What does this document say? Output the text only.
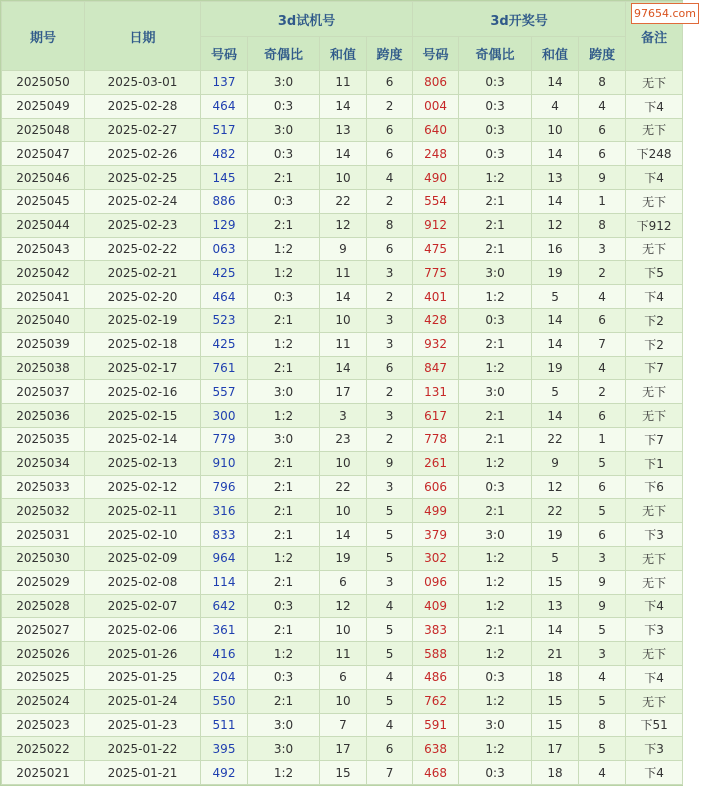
期号	日期	3d试机号				3d开奖号				备注
		号码	奇偶比	和值	跨度	号码	奇偶比	和值	跨度	
2025050	2025-03-01	137	3:0	11	6	806	0:3	14	8	无下
2025049	2025-02-28	464	0:3	14	2	004	0:3	4	4	下4
2025048	2025-02-27	517	3:0	13	6	640	0:3	10	6	无下
2025047	2025-02-26	482	0:3	14	6	248	0:3	14	6	下248
2025046	2025-02-25	145	2:1	10	4	490	1:2	13	9	下4
2025045	2025-02-24	886	0:3	22	2	554	2:1	14	1	无下
2025044	2025-02-23	129	2:1	12	8	912	2:1	12	8	下912
2025043	2025-02-22	063	1:2	9	6	475	2:1	16	3	无下
2025042	2025-02-21	425	1:2	11	3	775	3:0	19	2	下5
2025041	2025-02-20	464	0:3	14	2	401	1:2	5	4	下4
2025040	2025-02-19	523	2:1	10	3	428	0:3	14	6	下2
2025039	2025-02-18	425	1:2	11	3	932	2:1	14	7	下2
2025038	2025-02-17	761	2:1	14	6	847	1:2	19	4	下7
2025037	2025-02-16	557	3:0	17	2	131	3:0	5	2	无下
2025036	2025-02-15	300	1:2	3	3	617	2:1	14	6	无下
2025035	2025-02-14	779	3:0	23	2	778	2:1	22	1	下7
2025034	2025-02-13	910	2:1	10	9	261	1:2	9	5	下1
2025033	2025-02-12	796	2:1	22	3	606	0:3	12	6	下6
2025032	2025-02-11	316	2:1	10	5	499	2:1	22	5	无下
2025031	2025-02-10	833	2:1	14	5	379	3:0	19	6	下3
2025030	2025-02-09	964	1:2	19	5	302	1:2	5	3	无下
2025029	2025-02-08	114	2:1	6	3	096	1:2	15	9	无下
2025028	2025-02-07	642	0:3	12	4	409	1:2	13	9	下4
2025027	2025-02-06	361	2:1	10	5	383	2:1	14	5	下3
2025026	2025-01-26	416	1:2	11	5	588	1:2	21	3	无下
2025025	2025-01-25	204	0:3	6	4	486	0:3	18	4	下4
2025024	2025-01-24	550	2:1	10	5	762	1:2	15	5	无下
2025023	2025-01-23	511	3:0	7	4	591	3:0	15	8	下51
2025022	2025-01-22	395	3:0	17	6	638	1:2	17	5	下3
2025021	2025-01-21	492	1:2	15	7	468	0:3	18	4	下4
97654.com
